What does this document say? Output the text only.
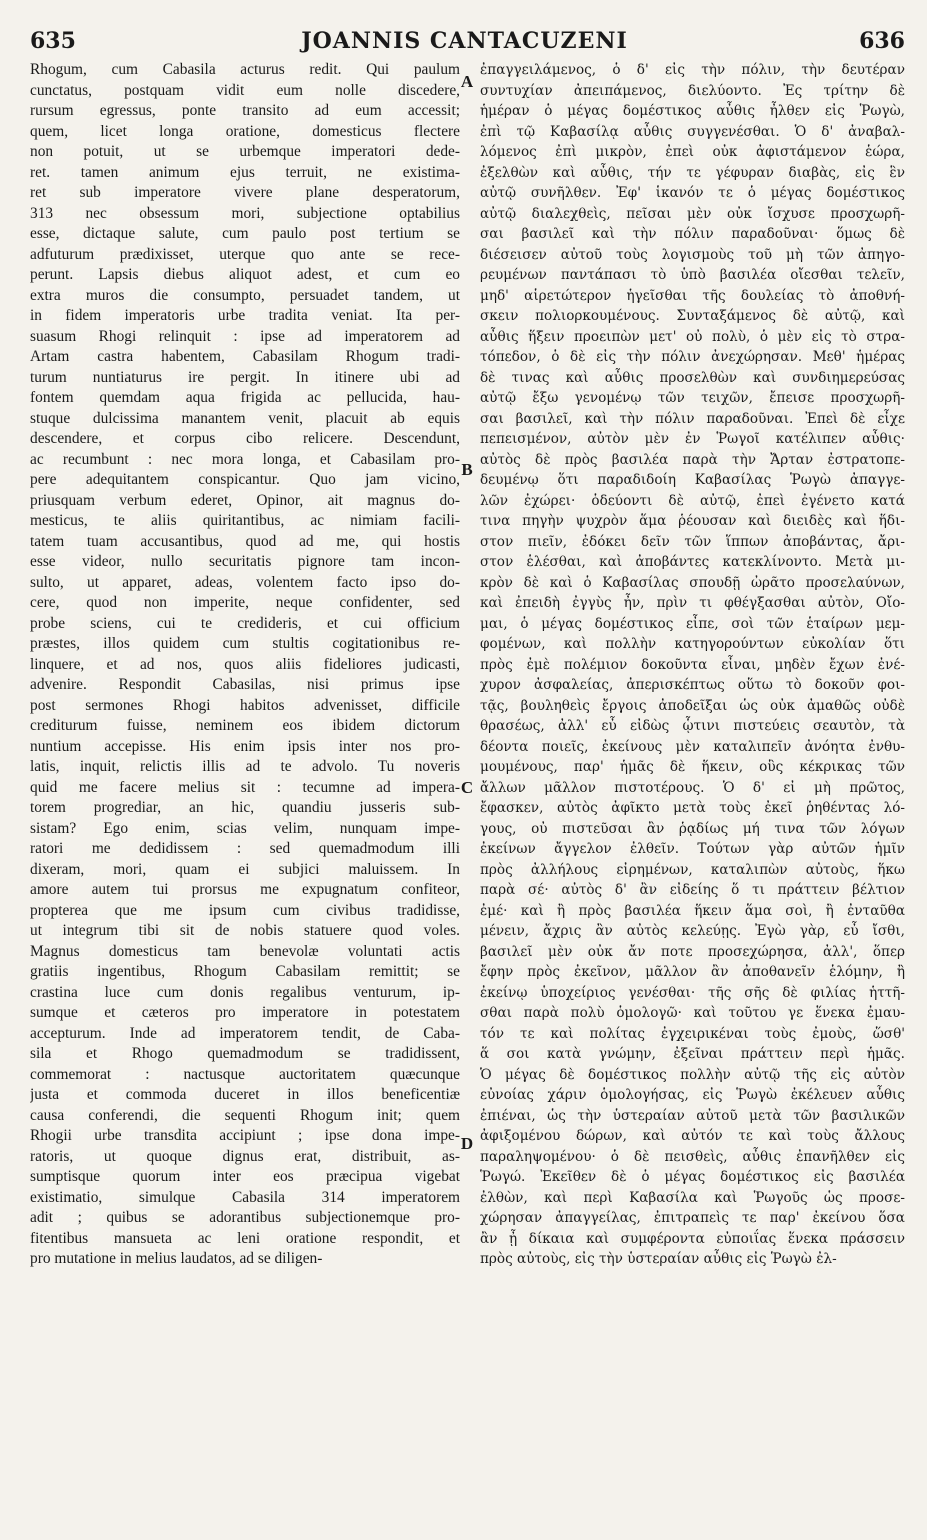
635	JOANNIS CANTACUZENI	636
Rhogum, cum Cabasila acturus redit. Qui paulum
cunctatus, postquam vidit eum nolle discedere,
rursum egressus, ponte transito ad eum accessit;
quem, licet longa oratione, domesticus flectere
non potuit, ut se urbemque imperatori dede-
ret. tamen animum ejus terruit, ne existima-
ret sub imperatore vivere plane desperatorum,
313 nec obsessum mori, subjectione optabilius
esse, dictaque salute, cum paulo post tertium se
adfuturum prædixisset, uterque quo ante se rece-
perunt. Lapsis diebus aliquot adest, et cum eo
extra muros die consumpto, persuadet tandem, ut
in fidem imperatoris urbe tradita veniat. Ita per-
suasum Rhogi relinquit : ipse ad imperatorem ad
Artam castra habentem, Cabasilam Rhogum tradi-
turum nuntiaturus ire pergit. In itinere ubi ad
fontem quemdam aqua frigida ac pellucida, hau-
stuque dulcissima manantem venit, placuit ab equis
descendere, et corpus cibo relicere. Descendunt,
ac recumbunt : nec mora longa, et Cabasilam pro-
pere adequitantem conspicantur. Quo jam vicino,
priusquam verbum ederet, Opinor, ait magnus do-
mesticus, te aliis quiritantibus, ac nimiam facili-
tatem tuam accusantibus, quod ad me, qui hostis
esse videor, nullo securitatis pignore tam incon-
sulto, ut apparet, adeas, volentem facto ipso do-
cere, quod non imperite, neque confidenter, sed
probe sciens, cui te credideris, et cui officium
præstes, illos quidem cum stultis cogitationibus re-
linquere, et ad nos, quos aliis fideliores judicasti,
advenire. Respondit Cabasilas, nisi primus ipse
post sermones Rhogi habitos advenisset, difficile
crediturum fuisse, neminem eos ibidem dictorum
nuntium accepisse. His enim ipsis inter nos pro-
latis, inquit, relictis illis ad te advolo. Tu noveris
quid me facere melius sit : tecumne ad impera-
torem progrediar, an hic, quandiu jusseris sub-
sistam? Ego enim, scias velim, nunquam impe-
ratori me dedidissem : sed quemadmodum illi
dixeram, mori, quam ei subjici maluissem. In
amore autem tui prorsus me expugnatum confiteor,
propterea que me ipsum cum civibus tradidisse,
ut integrum tibi sit de nobis statuere quod voles.
Magnus domesticus tam benevolæ voluntati actis
gratiis ingentibus, Rhogum Cabasilam remittit; se
crastina luce cum donis regalibus venturum, ip-
sumque et cæteros pro imperatore in potestatem
accepturum. Inde ad imperatorem tendit, de Caba-
sila et Rhogo quemadmodum se tradidissent,
commemorat : nactusque auctoritatem quæcunque
justa et commoda duceret in illos beneficentiæ
causa conferendi, die sequenti Rhogum init; quem
Rhogii urbe transdita accipiunt ; ipse dona impe-
ratoris, ut quoque dignus erat, distribuit, as-
sumptisque quorum inter eos præcipua vigebat
existimatio, simulque Cabasila 314 imperatorem
adit ; quibus se adorantibus subjectionemque pro-
fitentibus mansueta ac leni oratione respondit, et
pro mutatione in melius laudatos, ad se diligen-
A
B
C
D
ἐπαγγειλάμενος, ὁ δ' εἰς τὴν πόλιν, τὴν δευτέραν
συντυχίαν ἀπειπάμενος, διελύοντο. Ἐς τρίτην δὲ
ἡμέραν ὁ μέγας δομέστικος αὖθις ἦλθεν εἰς Ῥωγὼ,
ἐπὶ τῷ Καβασίλᾳ αὖθις συγγενέσθαι. Ὁ δ' ἀναβαλ-
λόμενος ἐπὶ μικρὸν, ἐπεὶ οὐκ ἀφιστάμενον ἑώρα,
ἐξελθὼν καὶ αὖθις, τήν τε γέφυραν διαβὰς, εἰς ἓν
αὐτῷ συνῆλθεν. Ἐφ' ἱκανόν τε ὁ μέγας δομέστικος
αὐτῷ διαλεχθεὶς, πεῖσαι μὲν οὐκ ἴσχυσε προσχωρῆ-
σαι βασιλεῖ καὶ τὴν πόλιν παραδοῦναι· ὅμως δὲ
διέσεισεν αὐτοῦ τοὺς λογισμοὺς τοῦ μὴ τῶν ἀπηγο-
ρευμένων παντάπασι τὸ ὑπὸ βασιλέα οἴεσθαι τελεῖν,
μηδ' αἱρετώτερον ἡγεῖσθαι τῆς δουλείας τὸ ἀποθνή-
σκειν πολιορκουμένους. Συνταξάμενος δὲ αὐτῷ, καὶ
αὖθις ἥξειν προειπὼν μετ' οὐ πολὺ, ὁ μὲν εἰς τὸ στρα-
τόπεδον, ὁ δὲ εἰς τὴν πόλιν ἀνεχώρησαν. Μεθ' ἡμέρας
δὲ τινας καὶ αὖθις προσελθὼν καὶ συνδιημερεύσας
αὐτῷ ἔξω γενομένῳ τῶν τειχῶν, ἔπεισε προσχωρῆ-
σαι βασιλεῖ, καὶ τὴν πόλιν παραδοῦναι. Ἐπεὶ δὲ εἶχε
πεπεισμένον, αὐτὸν μὲν ἐν Ῥωγοῖ κατέλιπεν αὖθις·
αὐτὸς δὲ πρὸς βασιλέα παρὰ τὴν Ἄρταν ἐστρατοπε-
δευμένῳ ὅτι παραδιδοίη Καβασίλας Ῥωγὼ ἀπαγγε-
λῶν ἐχώρει· ὁδεύοντι δὲ αὐτῷ, ἐπεὶ ἐγένετο κατά
τινα πηγὴν ψυχρὸν ἅμα ῥέουσαν καὶ διειδὲς καὶ ἥδι-
στον πιεῖν, ἐδόκει δεῖν τῶν ἵππων ἀποβάντας, ἄρι-
στον ἑλέσθαι, καὶ ἀποβάντες κατεκλίνοντο. Μετὰ μι-
κρὸν δὲ καὶ ὁ Καβασίλας σπουδῇ ὠρᾶτο προσελαύνων,
καὶ ἐπειδὴ ἐγγὺς ἦν, πρὶν τι φθέγξασθαι αὐτὸν, Οἴο-
μαι, ὁ μέγας δομέστικος εἶπε, σοὶ τῶν ἑταίρων μεμ-
φομένων, καὶ πολλὴν κατηγορούντων εὐκολίαν ὅτι
πρὸς ἐμὲ πολέμιον δοκοῦντα εἶναι, μηδὲν ἔχων ἐνέ-
χυρον ἀσφαλείας, ἀπερισκέπτως οὕτω τὸ δοκοῦν φοι-
τᾷς, βουληθεὶς ἔργοις ἀποδεῖξαι ὡς οὐκ ἀμαθῶς οὐδὲ
θρασέως, ἀλλ' εὖ εἰδὼς ᾧτινι πιστεύεις σεαυτὸν, τὰ
δέοντα ποιεῖς, ἐκείνους μὲν καταλιπεῖν ἀνόητα ἐνθυ-
μουμένους, παρ' ἡμᾶς δὲ ἥκειν, οὓς κέκρικας τῶν
ἄλλων μᾶλλον πιστοτέρους. Ὁ δ' εἰ μὴ πρῶτος,
ἔφασκεν, αὐτὸς ἀφῖκτο μετὰ τοὺς ἐκεῖ ῥηθέντας λό-
γους, οὐ πιστεῦσαι ἂν ῥᾳδίως μή τινα τῶν λόγων
ἐκείνων ἄγγελον ἐλθεῖν. Τούτων γὰρ αὐτῶν ἡμῖν
πρὸς ἀλλήλους εἰρημένων, καταλιπὼν αὐτοὺς, ἥκω
παρὰ σέ· αὐτὸς δ' ἂν εἰδείης ὅ τι πράττειν βέλτιον
ἐμέ· καὶ ἢ πρὸς βασιλέα ἥκειν ἅμα σοὶ, ἢ ἐνταῦθα
μένειν, ἄχρις ἂν αὐτὸς κελεύῃς. Ἐγὼ γὰρ, εὖ ἴσθι,
βασιλεῖ μὲν οὐκ ἄν ποτε προσεχώρησα, ἀλλ', ὅπερ
ἔφην πρὸς ἐκεῖνον, μᾶλλον ἂν ἀποθανεῖν ἑλόμην, ἢ
ἐκείνῳ ὑποχείριος γενέσθαι· τῆς σῆς δὲ φιλίας ἡττῆ-
σθαι παρὰ πολὺ ὁμολογῶ· καὶ τοῦτου γε ἕνεκα ἐμαυ-
τόν τε καὶ πολίτας ἐγχειρικέναι τοὺς ἐμοὺς, ὥσθ'
ἅ σοι κατὰ γνώμην, ἐξεῖναι πράττειν περὶ ἡμᾶς.
Ὁ μέγας δὲ δομέστικος πολλὴν αὐτῷ τῆς εἰς αὐτὸν
εὐνοίας χάριν ὁμολογήσας, εἰς Ῥωγὼ ἐκέλευεν αὖθις
ἐπιέναι, ὡς τὴν ὑστεραίαν αὐτοῦ μετὰ τῶν βασιλικῶν
ἀφιξομένου δώρων, καὶ αὐτόν τε καὶ τοὺς ἄλλους
παραληψομένου· ὁ δὲ πεισθεὶς, αὖθις ἐπανῆλθεν εἰς
Ῥωγώ. Ἐκεῖθεν δὲ ὁ μέγας δομέστικος εἰς βασιλέα
ἐλθὼν, καὶ περὶ Καβασίλα καὶ Ῥωγοῦς ὡς προσε-
χώρησαν ἀπαγγείλας, ἐπιτραπεὶς τε παρ' ἐκείνου ὅσα
ἂν ᾖ δίκαια καὶ συμφέροντα εὐποιΐας ἕνεκα πράσσειν
πρὸς αὐτοὺς, εἰς τὴν ὑστεραίαν αὖθις εἰς Ῥωγὼ ἐλ-
